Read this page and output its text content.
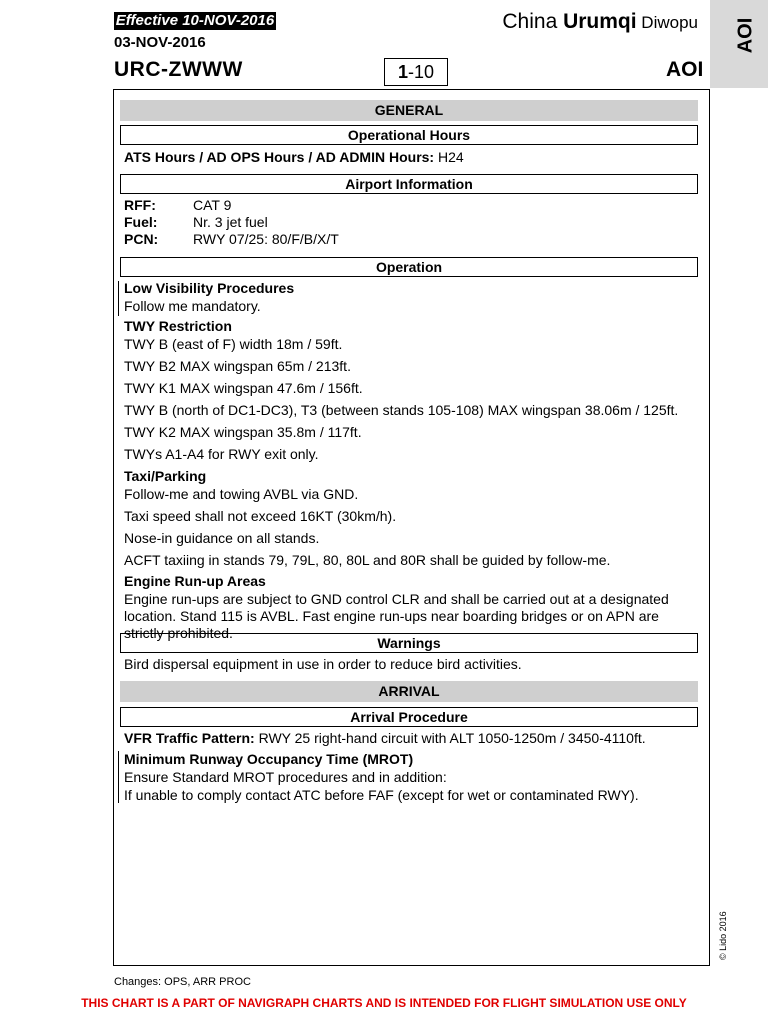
Effective 10-NOV-2016
03-NOV-2016
URC-ZWWW	1-10
China Urumqi Diwopu
AOI
AOI
GENERAL
Operational Hours
ATS Hours / AD OPS Hours / AD ADMIN Hours: H24
Airport Information
RFF:	CAT 9
Fuel:	Nr. 3 jet fuel
PCN: RWY 07/25: 80/F/B/X/T
Operation
Low Visibility Procedures
Follow me mandatory.
TWY Restriction
TWY B (east of F) width 18m / 59ft.
TWY B2 MAX wingspan 65m / 213ft.
TWY K1 MAX wingspan 47.6m / 156ft.
TWY B (north of DC1-DC3), T3 (between stands 105-108) MAX wingspan 38.06m / 125ft.
TWY K2 MAX wingspan 35.8m / 117ft.
TWYs A1-A4 for RWY exit only.
Taxi/Parking
Follow-me and towing AVBL via GND.
Taxi speed shall not exceed 16KT (30km/h).
Nose-in guidance on all stands.
ACFT taxiing in stands 79, 79L, 80, 80L and 80R shall be guided by follow-me.
Engine Run-up Areas
Engine run-ups are subject to GND control CLR and shall be carried out at a designated location. Stand 115 is AVBL. Fast engine run-ups near boarding bridges or on APN are strictly prohibited.
Warnings
Bird dispersal equipment in use in order to reduce bird activities.
ARRIVAL
Arrival Procedure
VFR Traffic Pattern: RWY 25 right-hand circuit with ALT 1050-1250m / 3450-4110ft.
Minimum Runway Occupancy Time (MROT)
Ensure Standard MROT procedures and in addition:
If unable to comply contact ATC before FAF (except for wet or contaminated RWY).
© Lido 2016
Changes: OPS, ARR PROC
THIS CHART IS A PART OF NAVIGRAPH CHARTS AND IS INTENDED FOR FLIGHT SIMULATION USE ONLY
